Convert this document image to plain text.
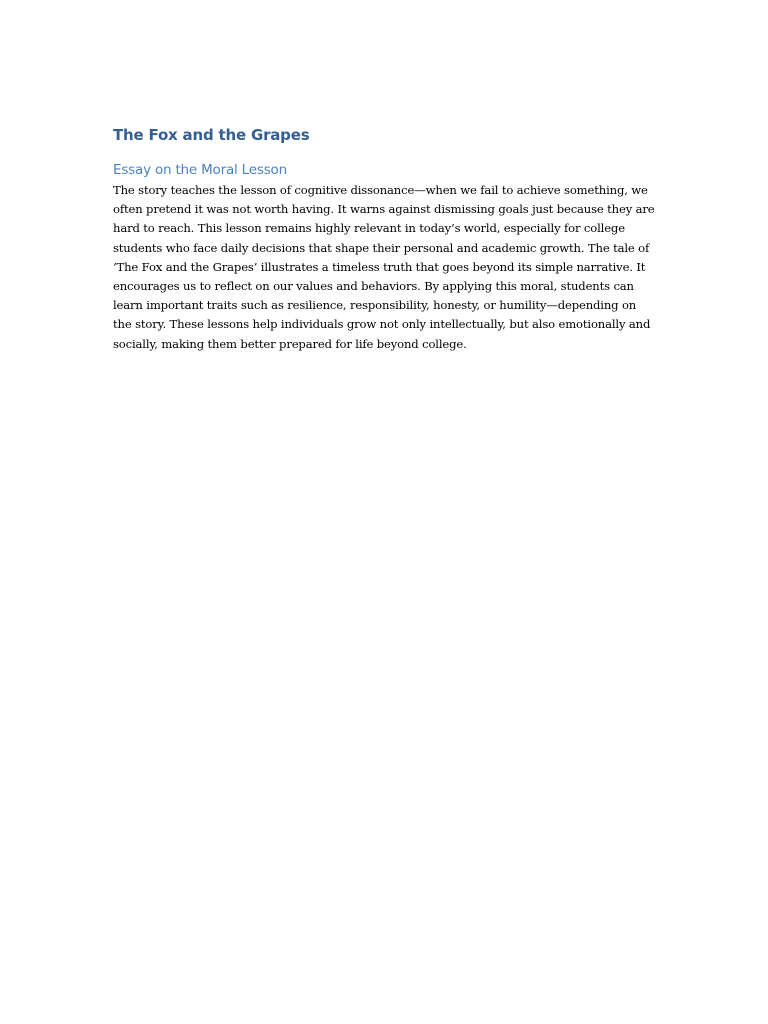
The Fox and the Grapes
Essay on the Moral Lesson

The story teaches the lesson of cognitive dissonance—when we fail to achieve something, we often pretend it was not worth having. It warns against dismissing goals just because they are hard to reach. This lesson remains highly relevant in today’s world, especially for college students who face daily decisions that shape their personal and academic growth. The tale of ‘The Fox and the Grapes’ illustrates a timeless truth that goes beyond its simple narrative. It encourages us to reflect on our values and behaviors. By applying this moral, students can learn important traits such as resilience, responsibility, honesty, or humility—depending on the story. These lessons help individuals grow not only intellectually, but also emotionally and socially, making them better prepared for life beyond college.
